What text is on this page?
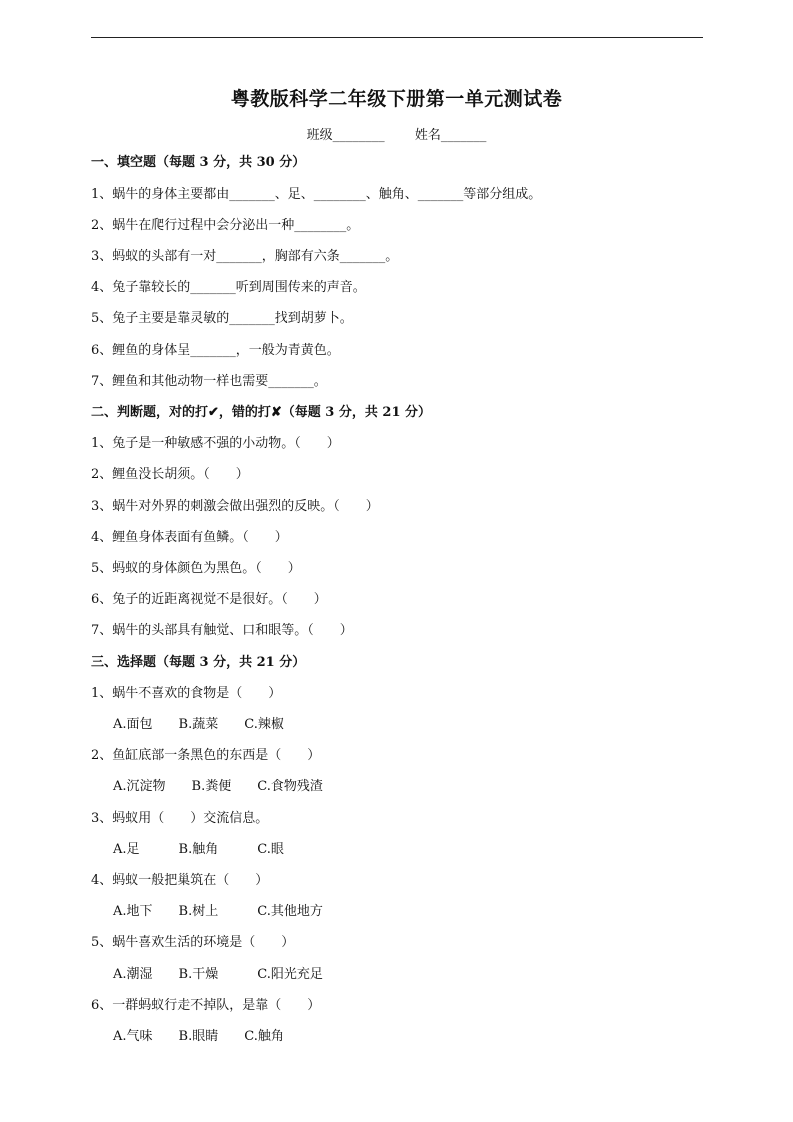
粤教版科学二年级下册第一单元测试卷
班级________ 姓名_______
一、填空题（每题 3 分，共 30 分）
1、蜗牛的身体主要都由_______、足、________、触角、_______等部分组成。
2、蜗牛在爬行过程中会分泌出一种________。
3、蚂蚁的头部有一对_______，胸部有六条_______。
4、兔子靠较长的_______听到周围传来的声音。
5、兔子主要是靠灵敏的_______找到胡萝卜。
6、鲤鱼的身体呈_______，一般为青黄色。
7、鲤鱼和其他动物一样也需要_______。
二、判断题，对的打✔，错的打✘（每题 3 分，共 21 分）
1、兔子是一种敏感不强的小动物。（　　）
2、鲤鱼没长胡须。（　　）
3、蜗牛对外界的刺激会做出强烈的反映。（　　）
4、鲤鱼身体表面有鱼鳞。（　　）
5、蚂蚁的身体颜色为黑色。（　　）
6、兔子的近距离视觉不是很好。（　　）
7、蜗牛的头部具有触觉、口和眼等。（　　）
三、选择题（每题 3 分，共 21 分）
1、蜗牛不喜欢的食物是（　　）
A.面包　　B.蔬菜　　C.辣椒
2、鱼缸底部一条黑色的东西是（　　）
A.沉淀物　　B.粪便　　C.食物残渣
3、蚂蚁用（　　）交流信息。
A.足　　　B.触角　　　C.眼
4、蚂蚁一般把巢筑在（　　）
A.地下　　B.树上　　　C.其他地方
5、蜗牛喜欢生活的环境是（　　）
A.潮湿　　B.干燥　　　C.阳光充足
6、一群蚂蚁行走不掉队，是靠（　　）
A.气味　　B.眼睛　　C.触角
